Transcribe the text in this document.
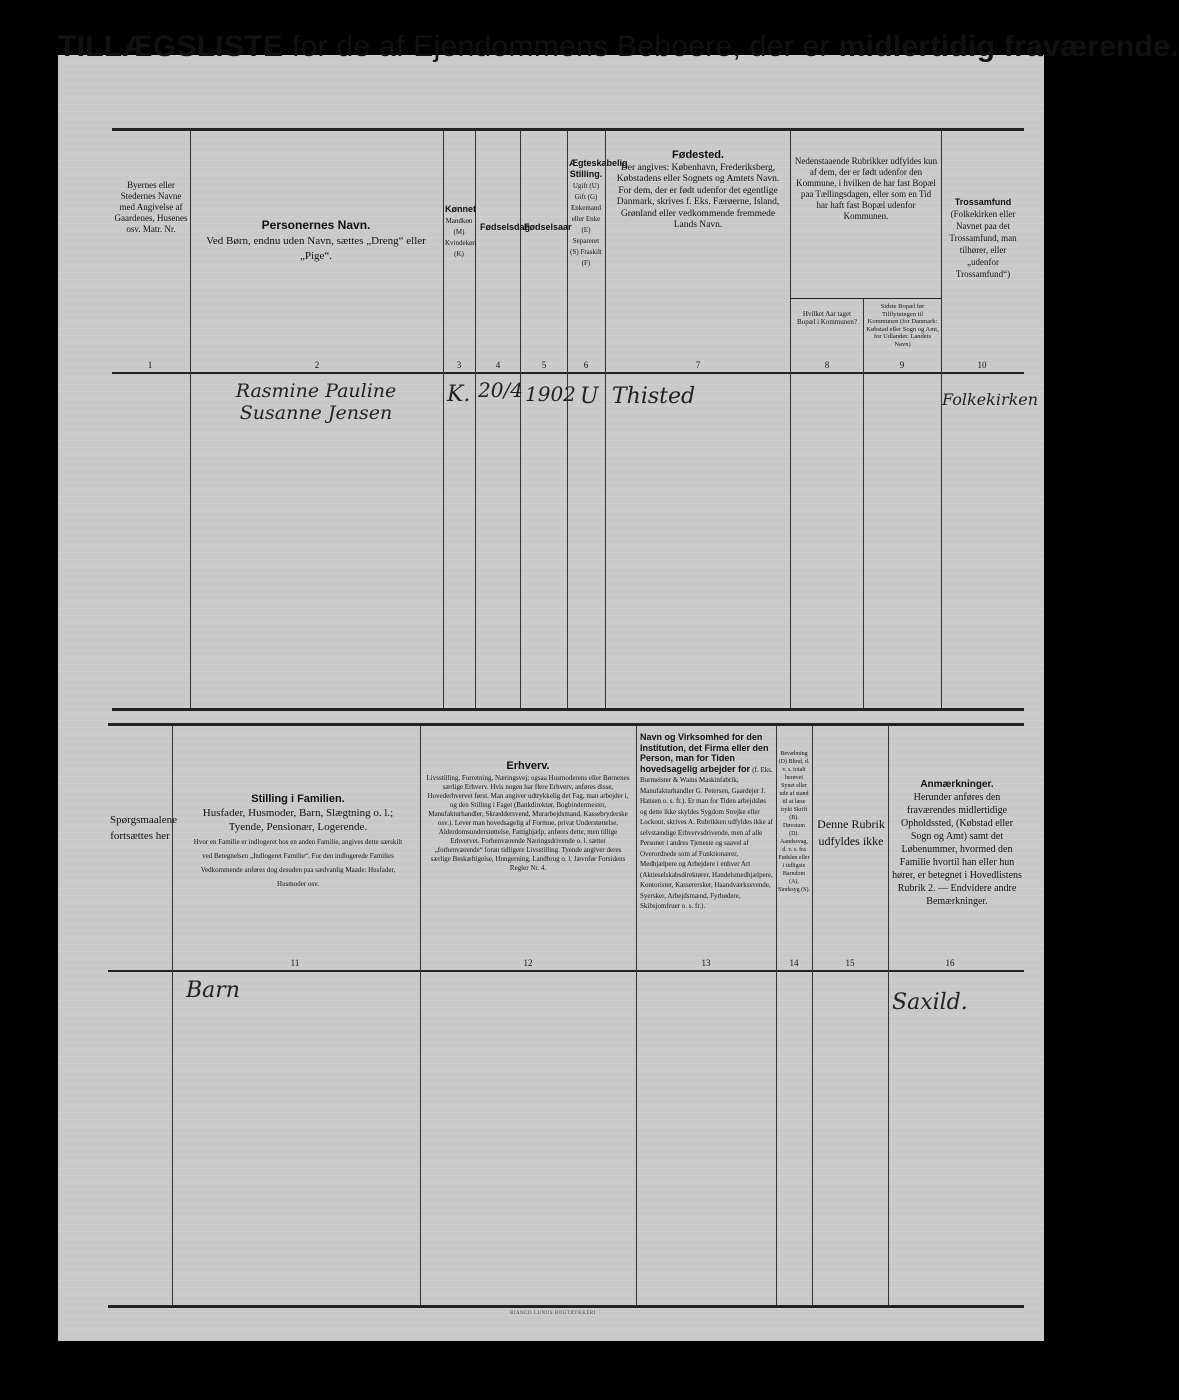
TILLÆGSLISTE for de af Ejendommens Beboere, der er midlertidig fraværende.
Byernes eller Stedernes Navne med Angivelse af Gaardenes, Husenes osv. Matr. Nr.
1
Personernes Navn.
Ved Børn, endnu uden Navn, sættes „Dreng“ eller „Pige“.
2
Kønnet
Mandkøn (M) Kvindekøn (K)
3
Fødselsdag
4
Fødselsaar
5
Ægteskabelig Stilling.
Ugift (U) Gift (G) Enkemand eller Enke (E) Separeret (S) Fraskilt (F)
6
Fødested.
Der angives: København, Frederiksberg, Købstadens eller Sognets og Amtets Navn. For dem, der er født udenfor det egentlige Danmark, skrives f. Eks. Færøerne, Island, Grønland eller vedkommende fremmede Lands Navn.
7
Nedenstaaende Rubrikker udfyldes kun af dem, der er født udenfor den Kommune, i hvilken de har fast Bopæl paa Tællingsdagen, eller som en Tid har haft fast Bopæl udenfor Kommunen.
Hvilket Aar taget Bopæl i Kommunen?
8
Sidste Bopæl før Tilflytningen til Kommunen (for Danmark: Købstad eller Sogn og Amt, for Udlandet: Landets Navn)
9
Trossamfund
(Folkekirken eller Navnet paa det Trossamfund, man tilhører, eller „udenfor Trossamfund“)
10
Rasmine Pauline Susanne Jensen
K. 20/4 1902 U Thisted	Folkekirken
Spørgsmaalene fortsættes her
Stilling i Familien.
Husfader, Husmoder, Barn, Slægtning o. l.; Tyende, Pensionær, Logerende.
Hvor en Familie er indlogeret hos en anden Familie, angives dette særskilt ved Betegnelsen „Indlogeret Familie“. For den indlogerede Families Vedkommende anføres dog desuden paa sædvanlig Maade: Husfader, Husmoder osv.
11
Erhverv.
Livsstilling, Forretning, Næringsvej; ogsaa Husmoderens eller Børnenes særlige Erhverv. Hvis nogen har flere Erhverv, anføres disse, Hovederhvervet først. Man angiver udtrykkelig det Fag, man arbejder i, og den Stilling i Faget (Bankdirektør, Bogbindermester, Manufakturhandler, Skræddersvend, Murarbejdsmand, Kassebryderske osv.). Lever man hovedsagelig af Formue, privat Understøttelse, Alderdomsunderstøttelse, Fattighjælp, anføres dette, men tillige Erhvervet. Forhenværende Næringsdrivende o. l. sætter „forhenværende“ foran tidligere Livsstilling. Tyende angiver deres særlige Beskæftigelse, Hungerning, Landbrug o. l. Jævnfør Forsidens Regler Nr. 4.
12
Navn og Virksomhed for den Institution, det Firma eller den Person, man for Tiden hovedsagelig arbejder for (f. Eks. Burmeister & Wains Maskinfabrik, Manufakturhandler G. Petersen, Gaardejer J. Hansen o. s. fr.). Er man for Tiden arbejdsløs og dette ikke skyldes Sygdom Strejke eller Lockout, skrives A. Rubrikken udfyldes ikke af selvstændige Erhvervsdrivende, men af alle Personer i andres Tjeneste og saavel af Overordnede som af Funktionærer, Medhjælpere og Arbejdere i enhver Art (Aktieselskabsdirektører, Handelsmedhjælpere, Kontorister, Kasserersker, Haandværkssvende, Syersker, Arbejdsmænd, Fyrbødere, Skibsjomfruer o. s. fr.).
13
Bevæbning (D) Blind, d. v. s. totalt berøvet Synet eller ude af stand til at læse trykt Skrift (B). Døvstum (D). Aandssvag, d. v. s. fra Fødslen eller i tidligste Barndom (A). Sindssyg (S).
14
Denne Rubrik udfyldes ikke
15
Anmærkninger.
Herunder anføres den fraværendes midlertidige Opholdssted, (Købstad eller Sogn og Amt) samt det Løbenummer, hvormed den Familie hvortil han eller hun hører, er betegnet i Hovedlistens Rubrik 2. — Endvidere andre Bemærkninger.
16
Barn	Saxild.
BIANCO LUNOS BOGTRYKKERI
